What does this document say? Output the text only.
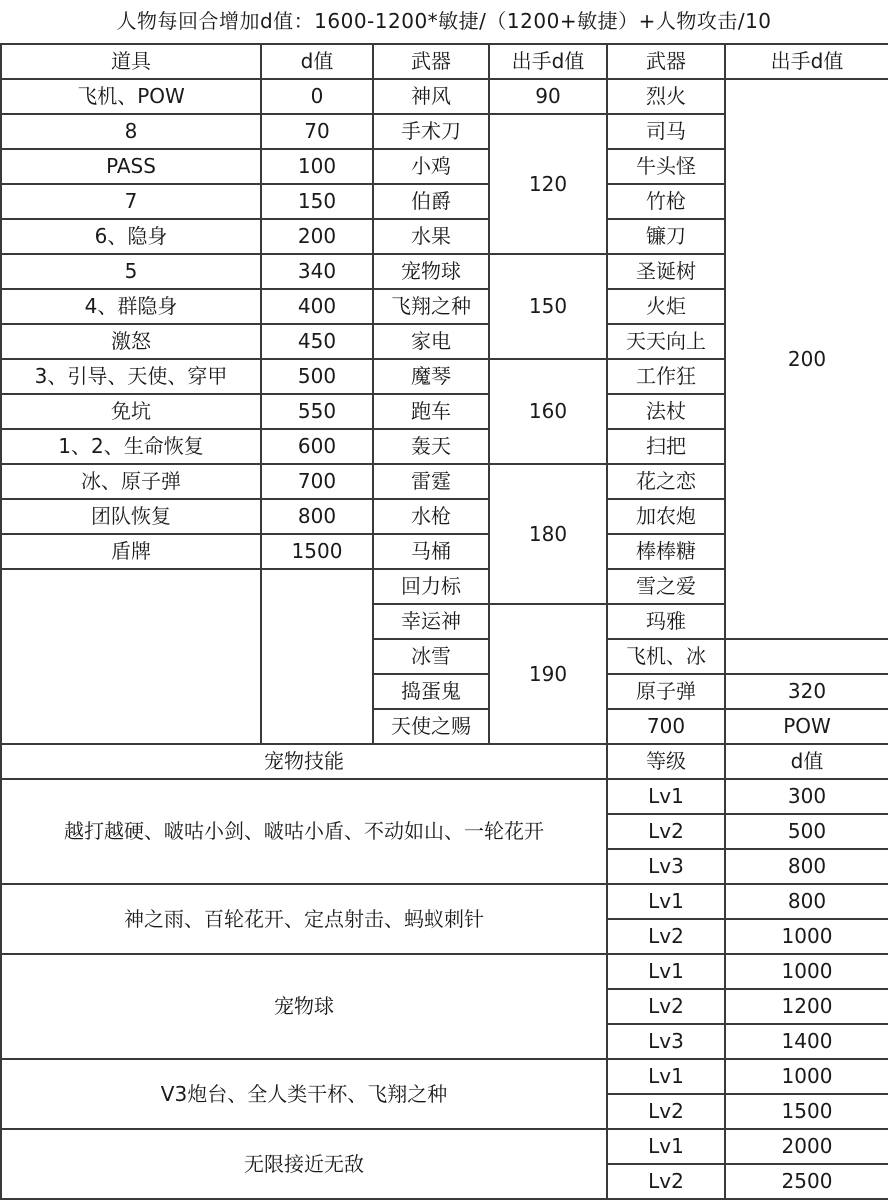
人物每回合增加d值：1600-1200*敏捷/（1200+敏捷）+人物攻击/10
道具	d值	武器	出手d值	武器	出手d值	
飞机、POW	0	神风	90	烈火	200	
8	70	手术刀	120	司马		
PASS	100	小鸡		牛头怪		
7	150	伯爵		竹枪		
6、隐身	200	水果		镰刀		
5	340	宠物球	150	圣诞树		
4、群隐身	400	飞翔之种		火炬		
激怒	450	家电		天天向上		
3、引导、天使、穿甲	500	魔琴	160	工作狂		
免坑	550	跑车		法杖		
1、2、生命恢复	600	轰天		扫把		
冰、原子弹	700	雷霆	180	花之恋		
团队恢复	800	水枪		加农炮		
盾牌	1500	马桶		棒棒糖		
		回力标		雪之爱		
		幸运神	190	玛雅		
		冰雪		飞机、冰		
		捣蛋鬼		原子弹	320	
		天使之赐		700	POW	
宠物技能				等级	d值	
越打越硬、啵咕小剑、啵咕小盾、不动如山、一轮花开				Lv1	300	
				Lv2	500	
				Lv3	800	
神之雨、百轮花开、定点射击、蚂蚁刺针				Lv1	800	
				Lv2	1000	
宠物球				Lv1	1000	
				Lv2	1200	
				Lv3	1400	
V3炮台、全人类干杯、飞翔之种				Lv1	1000	
				Lv2	1500	
无限接近无敌				Lv1	2000	
				Lv2	2500	
